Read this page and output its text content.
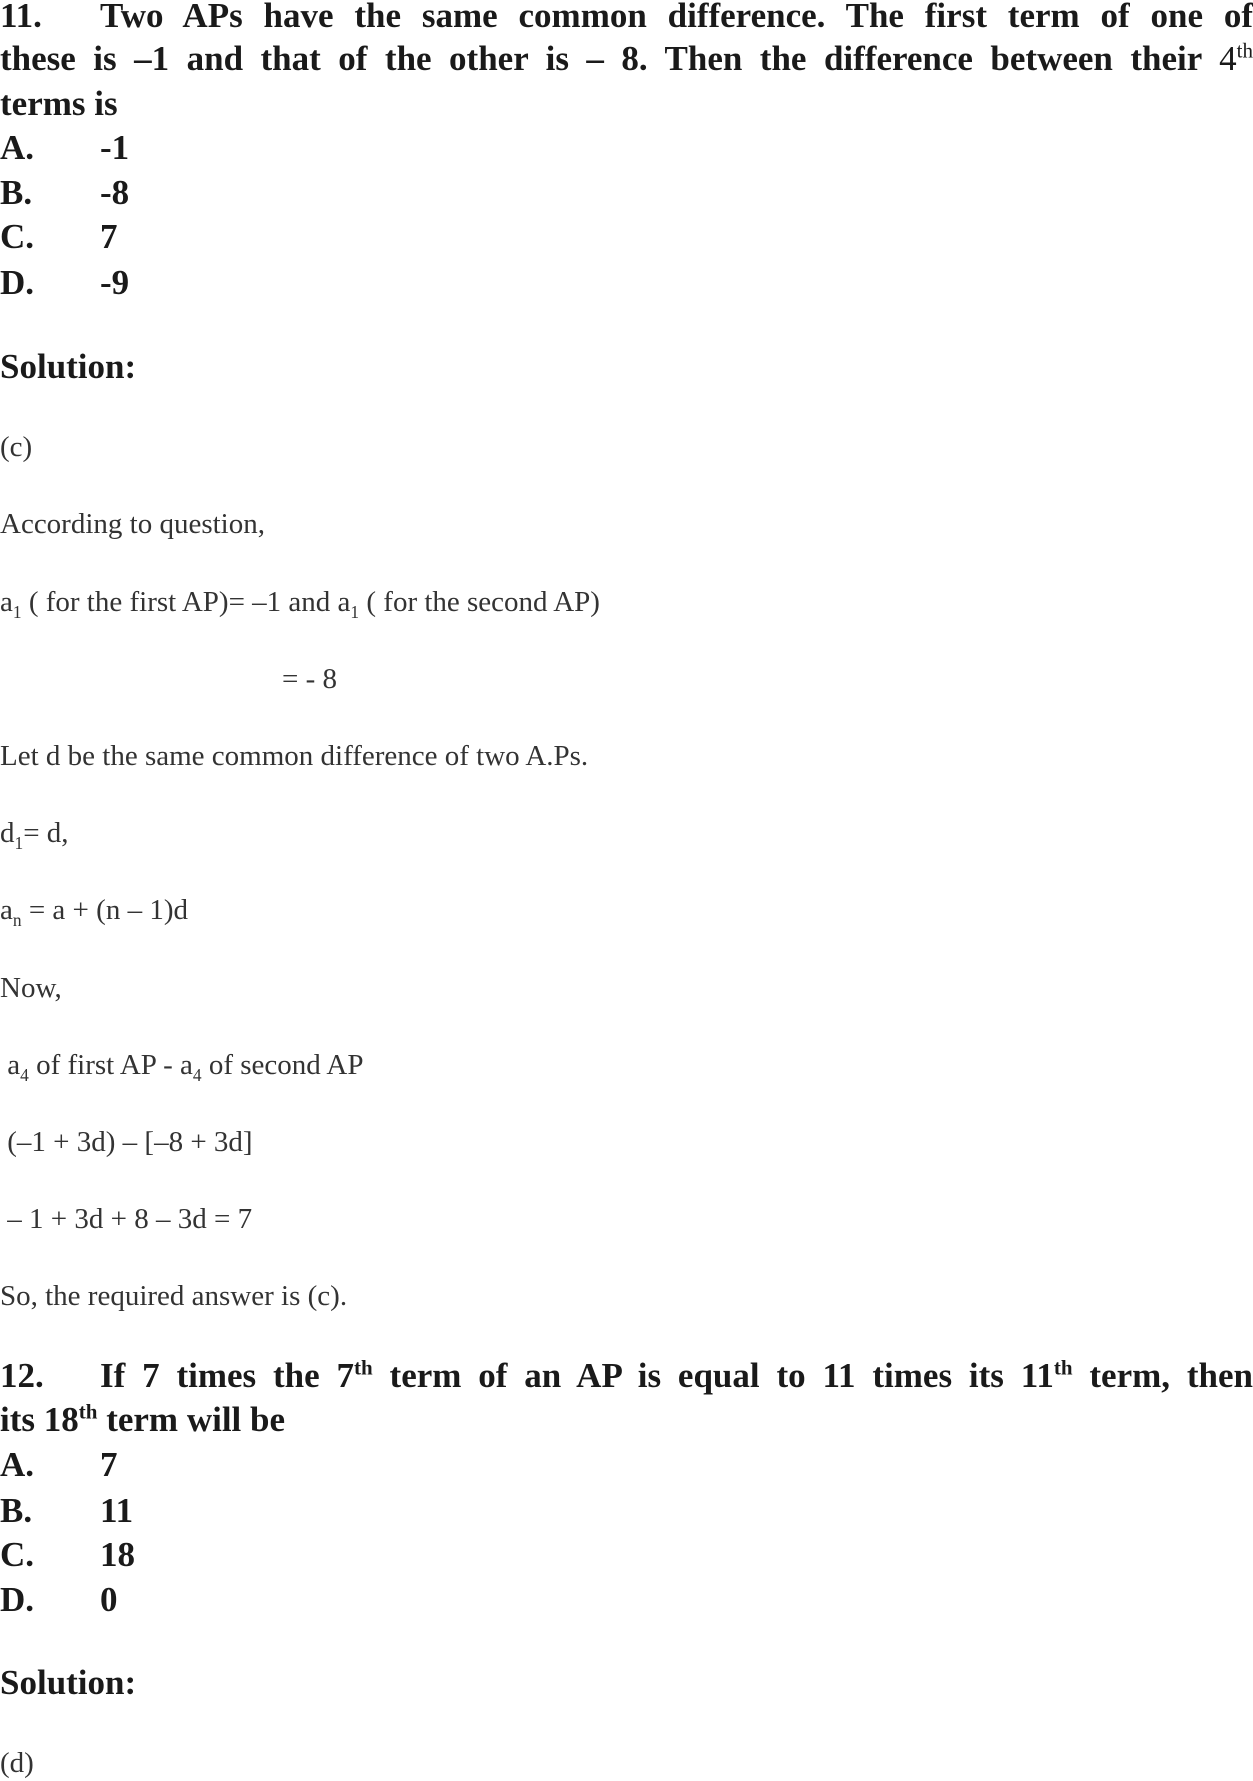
11. Two APs have the same common difference. The first term of one of
these is –1 and that of the other is – 8. Then the difference between their 4th
terms is
A. -1
B. -8
C. 7
D. -9
Solution:
(c)
According to question,
$a_1$ ( for the first AP)= –1 and $a_1$ ( for the second AP)
= - 8
Let d be the same common difference of two A.Ps.
$d_1= d$,
$a_n = a + (n - 1)d$
Now,
$a_4$ of first AP - $a_4$ of second AP
(–1 + 3d) – [–8 + 3d]
– 1 + 3d + 8 – 3d = 7
So, the required answer is (c).
12. If 7 times the 7th term of an AP is equal to 11 times its 11th term, then
its 18th term will be
A. 7
B. 11
C. 18
D. 0
Solution:
(d)
